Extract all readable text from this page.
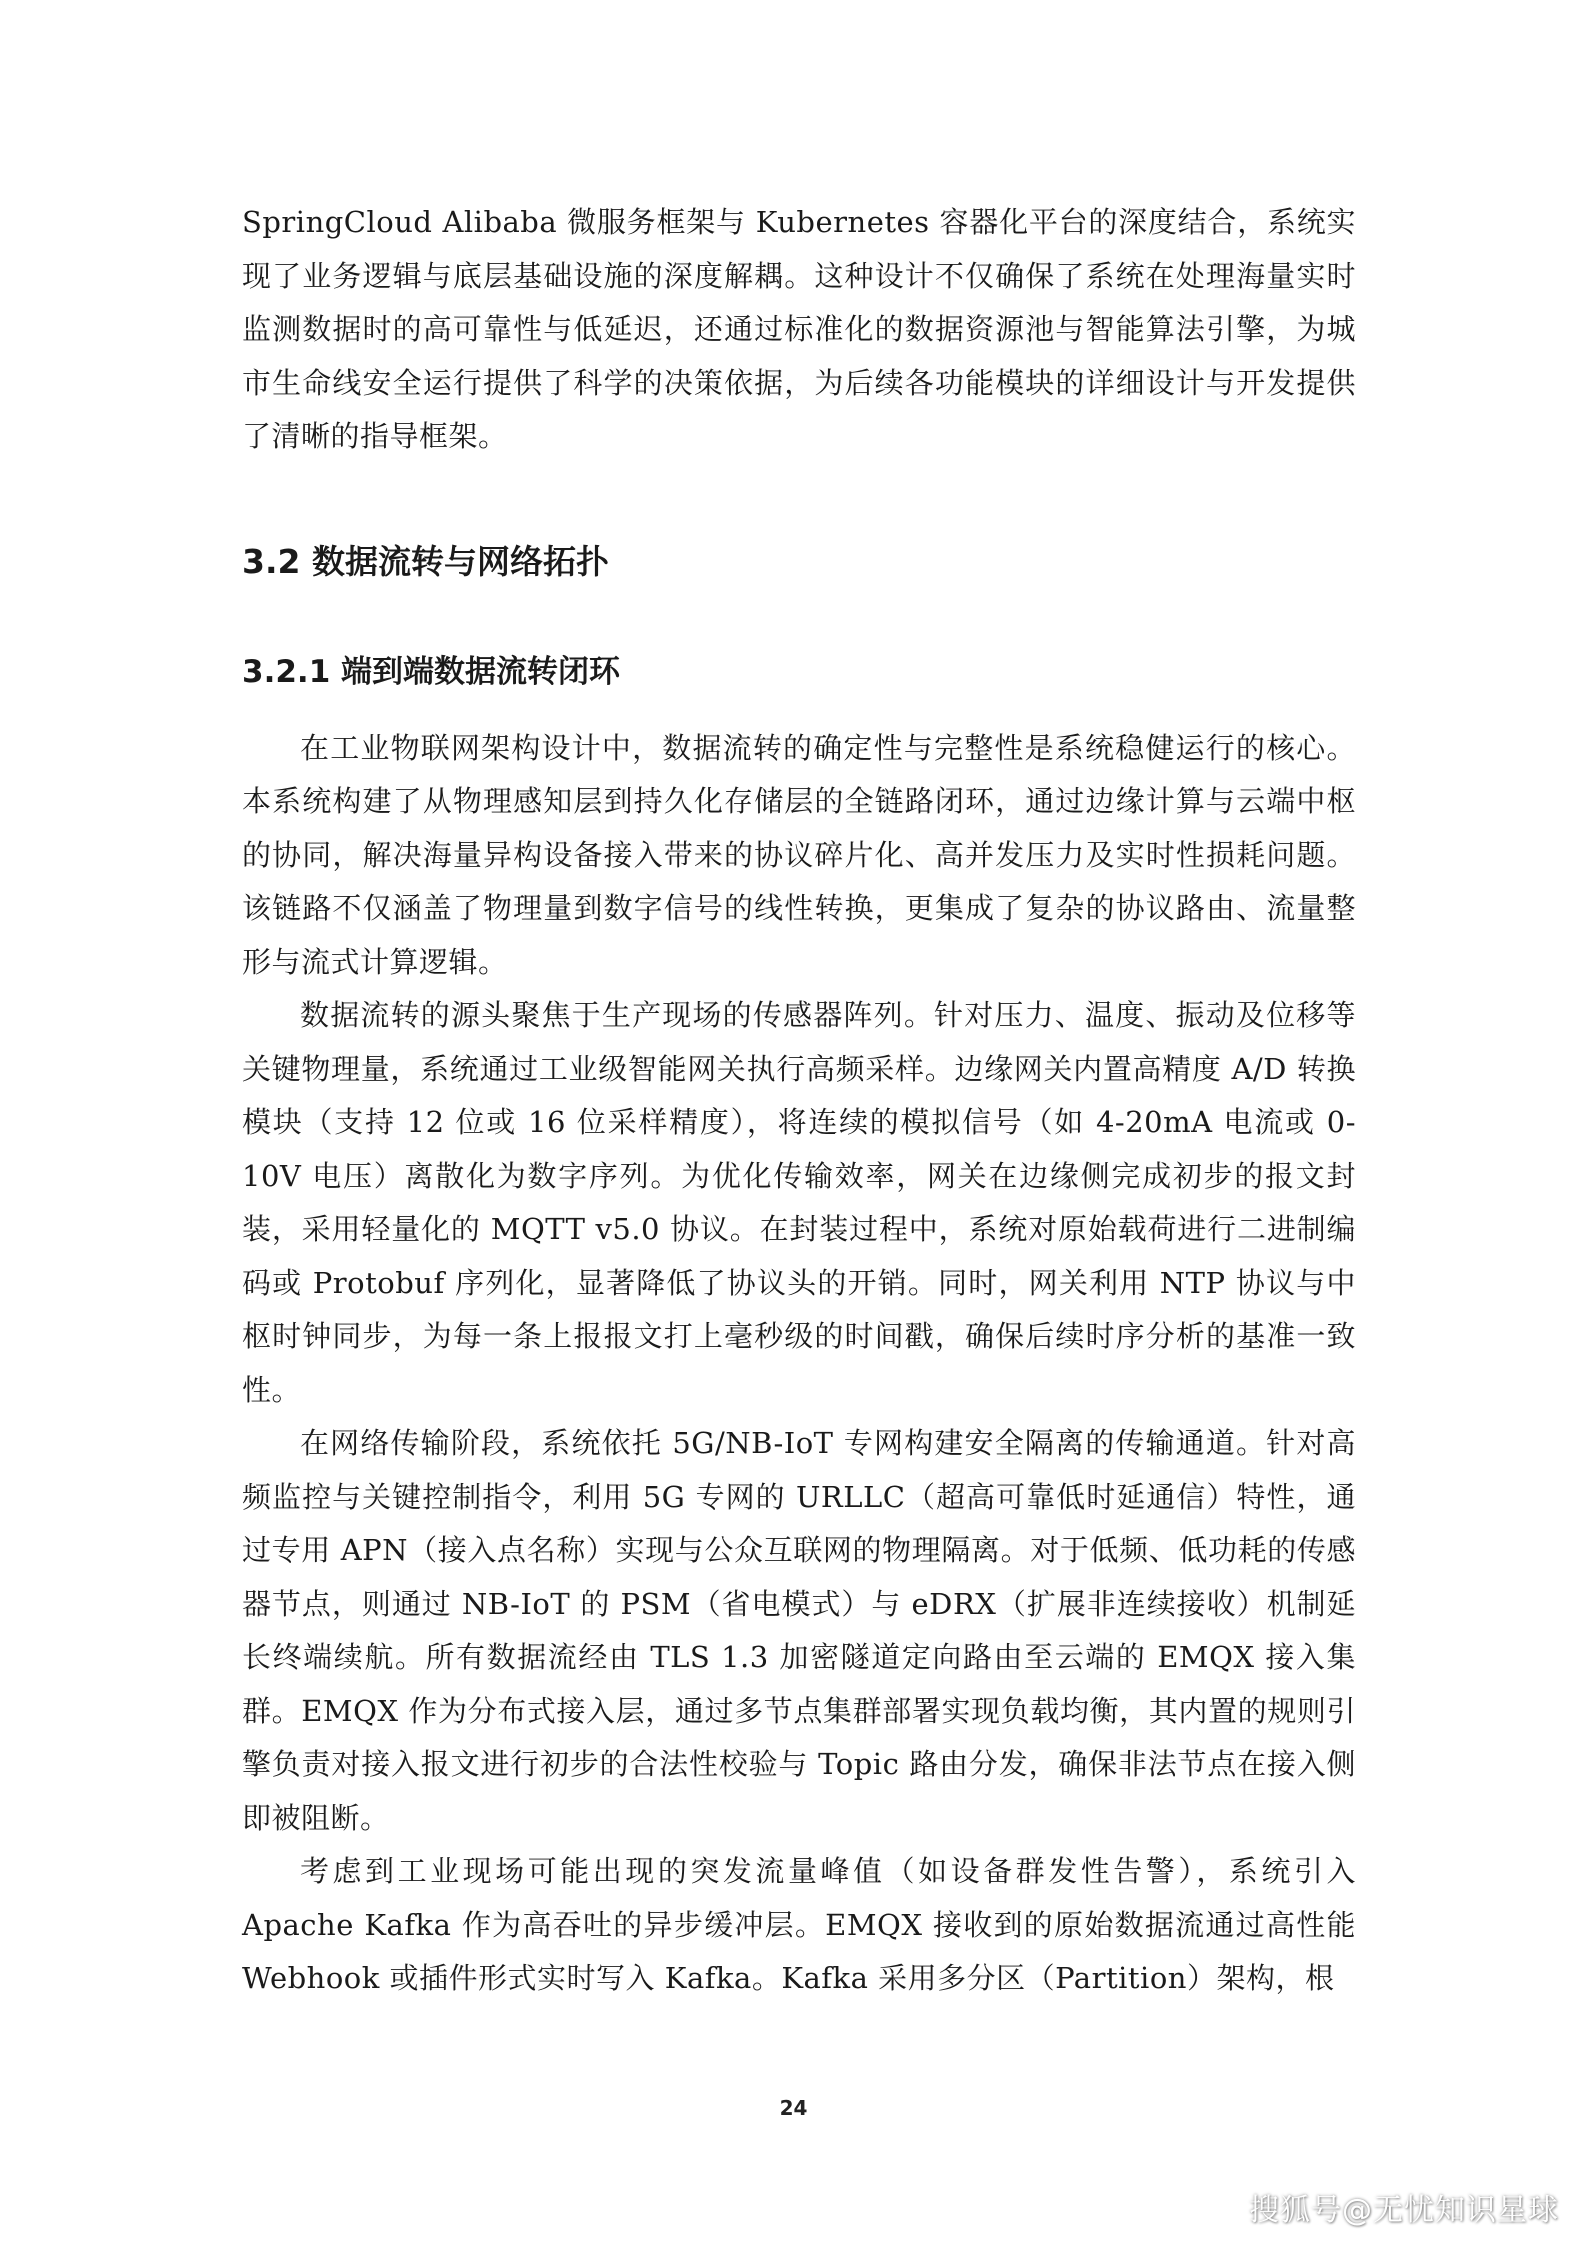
SpringCloud Alibaba 微服务框架与 Kubernetes 容器化平台的深度结合，系统实现了业务逻辑与底层基础设施的深度解耦。这种设计不仅确保了系统在处理海量实时监测数据时的高可靠性与低延迟，还通过标准化的数据资源池与智能算法引擎，为城市生命线安全运行提供了科学的决策依据，为后续各功能模块的详细设计与开发提供了清晰的指导框架。

3.2 数据流转与网络拓扑
3.2.1 端到端数据流转闭环

在工业物联网架构设计中，数据流转的确定性与完整性是系统稳健运行的核心。本系统构建了从物理感知层到持久化存储层的全链路闭环，通过边缘计算与云端中枢的协同，解决海量异构设备接入带来的协议碎片化、高并发压力及实时性损耗问题。该链路不仅涵盖了物理量到数字信号的线性转换，更集成了复杂的协议路由、流量整形与流式计算逻辑。

数据流转的源头聚焦于生产现场的传感器阵列。针对压力、温度、振动及位移等关键物理量，系统通过工业级智能网关执行高频采样。边缘网关内置高精度 A/D 转换模块（支持 12 位或 16 位采样精度），将连续的模拟信号（如 4-20mA 电流或 0-10V 电压）离散化为数字序列。为优化传输效率，网关在边缘侧完成初步的报文封装，采用轻量化的 MQTT v5.0 协议。在封装过程中，系统对原始载荷进行二进制编码或 Protobuf 序列化，显著降低了协议头的开销。同时，网关利用 NTP 协议与中枢时钟同步，为每一条上报报文打上毫秒级的时间戳，确保后续时序分析的基准一致性。

在网络传输阶段，系统依托 5G/NB-IoT 专网构建安全隔离的传输通道。针对高频监控与关键控制指令，利用 5G 专网的 URLLC（超高可靠低时延通信）特性，通过专用 APN（接入点名称）实现与公众互联网的物理隔离。对于低频、低功耗的传感器节点，则通过 NB-IoT 的 PSM（省电模式）与 eDRX（扩展非连续接收）机制延长终端续航。所有数据流经由 TLS 1.3 加密隧道定向路由至云端的 EMQX 接入集群。EMQX 作为分布式接入层，通过多节点集群部署实现负载均衡，其内置的规则引擎负责对接入报文进行初步的合法性校验与 Topic 路由分发，确保非法节点在接入侧即被阻断。

考虑到工业现场可能出现的突发流量峰值（如设备群发性告警），系统引入 Apache Kafka 作为高吞吐的异步缓冲层。EMQX 接收到的原始数据流通过高性能 Webhook 或插件形式实时写入 Kafka。Kafka 采用多分区（Partition）架构，根

24
搜狐号@无忧知识星球
